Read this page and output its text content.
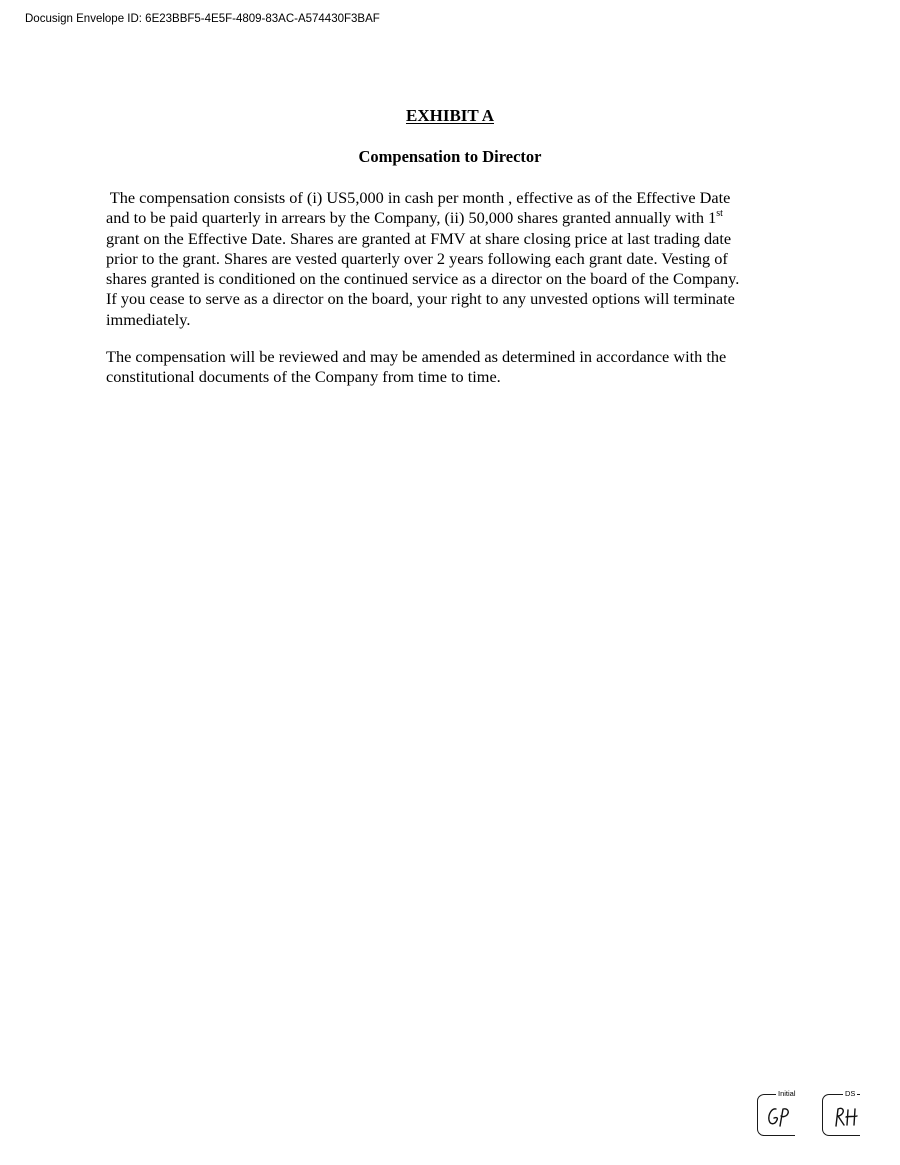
Docusign Envelope ID: 6E23BBF5-4E5F-4809-83AC-A574430F3BAF
EXHIBIT A
Compensation to Director
The compensation consists of (i) US5,000 in cash per month , effective as of the Effective Date
and to be paid quarterly in arrears by the Company, (ii) 50,000 shares granted annually with 1st
grant on the Effective Date. Shares are granted at FMV at share closing price at last trading date
prior to the grant. Shares are vested quarterly over 2 years following each grant date. Vesting of
shares granted is conditioned on the continued service as a director on the board of the Company.
If you cease to serve as a director on the board, your right to any unvested options will terminate
immediately.
The compensation will be reviewed and may be amended as determined in accordance with the
constitutional documents of the Company from time to time.
Initial	DS
